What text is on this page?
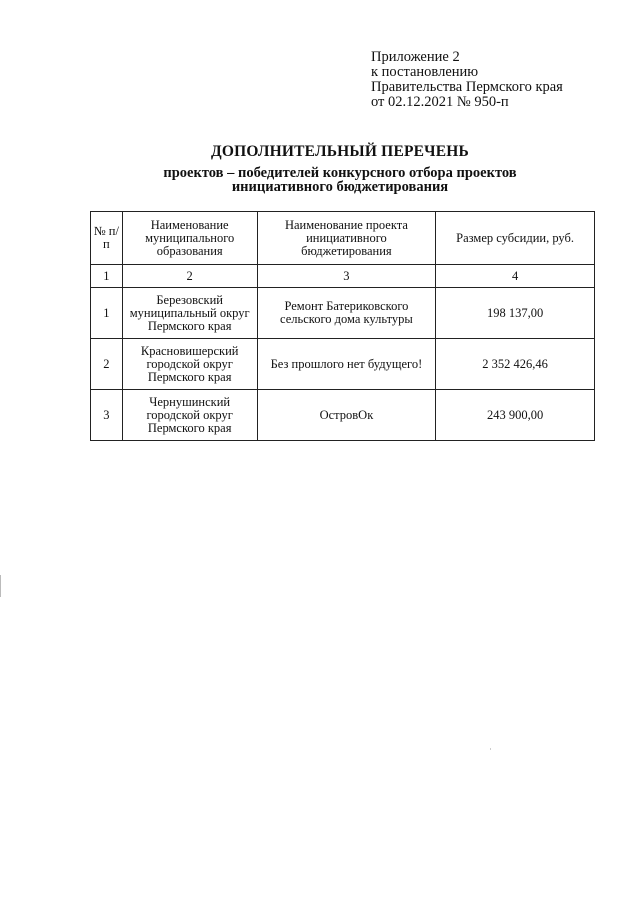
Приложение 2
к постановлению
Правительства Пермского края
от 02.12.2021 № 950-п
ДОПОЛНИТЕЛЬНЫЙ ПЕРЕЧЕНЬ
проектов – победителей конкурсного отбора проектов
инициативного бюджетирования
№ п/п	Наименование муниципального образования	Наименование проекта инициативного бюджетирования	Размер субсидии, руб.
1	2	3	4
1	Березовский муниципальный округ Пермского края	Ремонт Батериковского сельского дома культуры	198 137,00
2	Красновишерский городской округ Пермского края	Без прошлого нет будущего!	2 352 426,46
3	Чернушинский городской округ Пермского края	ОстровОк	243 900,00
